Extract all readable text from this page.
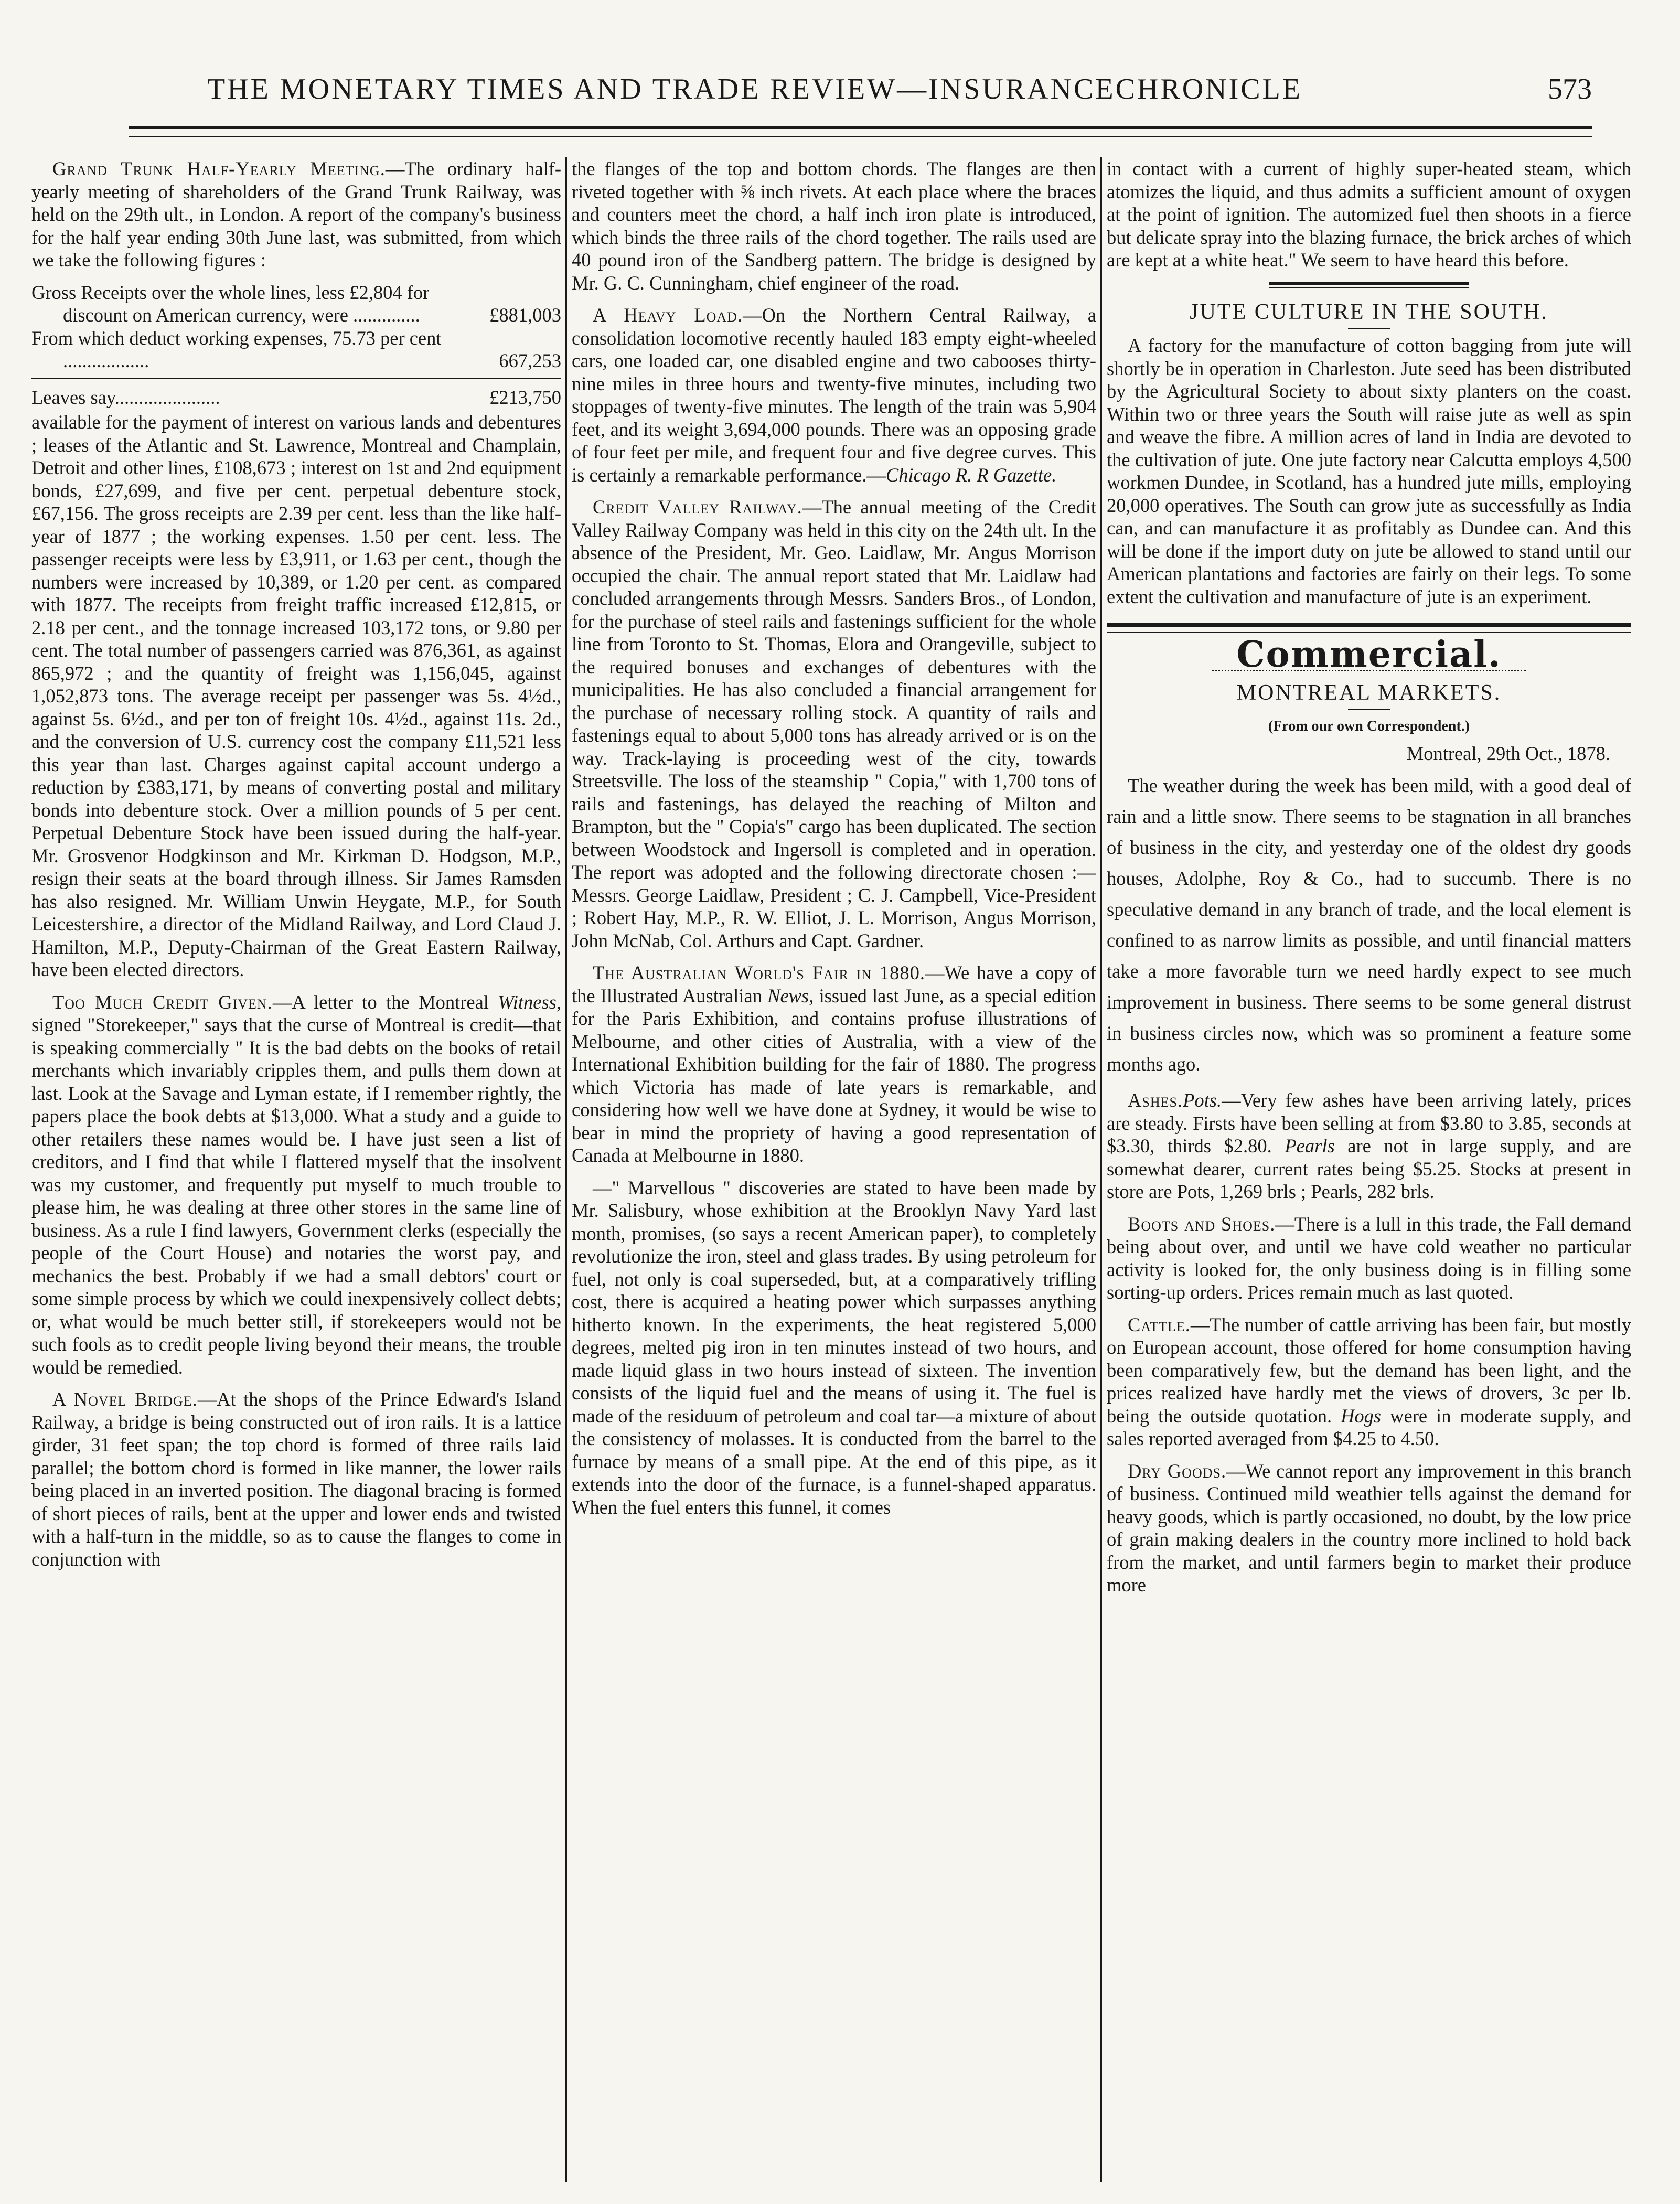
THE MONETARY TIMES AND TRADE REVIEW—INSURANCECHRONICLE	573

Grand Trunk Half-Yearly Meeting.—The ordinary half-yearly meeting of shareholders of the Grand Trunk Railway, was held on the 29th ult., in London. A report of the company's business for the half year ending 30th June last, was submitted, from which we take the following figures :

Gross Receipts over the whole lines, less £2,804 for discount on American currency, were ..............	£881,003
From which deduct working expenses, 75.73 per cent ..................	667,253
Leaves say......................	£213,750

available for the payment of interest on various lands and debentures ; leases of the Atlantic and St. Lawrence, Montreal and Champlain, Detroit and other lines, £108,673 ; interest on 1st and 2nd equipment bonds, £27,699, and five per cent. perpetual debenture stock, £67,156. The gross receipts are 2.39 per cent. less than the like half-year of 1877 ; the working expenses. 1.50 per cent. less. The passenger receipts were less by £3,911, or 1.63 per cent., though the numbers were increased by 10,389, or 1.20 per cent. as compared with 1877. The receipts from freight traffic increased £12,815, or 2.18 per cent., and the tonnage increased 103,172 tons, or 9.80 per cent. The total number of passengers carried was 876,361, as against 865,972 ; and the quantity of freight was 1,156,045, against 1,052,873 tons. The average receipt per passenger was 5s. 4½d., against 5s. 6½d., and per ton of freight 10s. 4½d., against 11s. 2d., and the conversion of U.S. currency cost the company £11,521 less this year than last. Charges against capital account undergo a reduction by £383,171, by means of converting postal and military bonds into debenture stock. Over a million pounds of 5 per cent. Perpetual Debenture Stock have been issued during the half-year. Mr. Grosvenor Hodgkinson and Mr. Kirkman D. Hodgson, M.P., resign their seats at the board through illness. Sir James Ramsden has also resigned. Mr. William Unwin Heygate, M.P., for South Leicestershire, a director of the Midland Railway, and Lord Claud J. Hamilton, M.P., Deputy-Chairman of the Great Eastern Railway, have been elected directors.

Too Much Credit Given.—A letter to the Montreal Witness, signed "Storekeeper," says that the curse of Montreal is credit—that is speaking commercially " It is the bad debts on the books of retail merchants which invariably cripples them, and pulls them down at last. Look at the Savage and Lyman estate, if I remember rightly, the papers place the book debts at $13,000. What a study and a guide to other retailers these names would be. I have just seen a list of creditors, and I find that while I flattered myself that the insolvent was my customer, and frequently put myself to much trouble to please him, he was dealing at three other stores in the same line of business. As a rule I find lawyers, Government clerks (especially the people of the Court House) and notaries the worst pay, and mechanics the best. Probably if we had a small debtors' court or some simple process by which we could inexpensively collect debts; or, what would be much better still, if storekeepers would not be such fools as to credit people living beyond their means, the trouble would be remedied.

A Novel Bridge.—At the shops of the Prince Edward's Island Railway, a bridge is being constructed out of iron rails. It is a lattice girder, 31 feet span; the top chord is formed of three rails laid parallel; the bottom chord is formed in like manner, the lower rails being placed in an inverted position. The diagonal bracing is formed of short pieces of rails, bent at the upper and lower ends and twisted with a half-turn in the middle, so as to cause the flanges to come in conjunction with

the flanges of the top and bottom chords. The flanges are then riveted together with ⅝ inch rivets. At each place where the braces and counters meet the chord, a half inch iron plate is introduced, which binds the three rails of the chord together. The rails used are 40 pound iron of the Sandberg pattern. The bridge is designed by Mr. G. C. Cunningham, chief engineer of the road.

A Heavy Load.—On the Northern Central Railway, a consolidation locomotive recently hauled 183 empty eight-wheeled cars, one loaded car, one disabled engine and two cabooses thirty-nine miles in three hours and twenty-five minutes, including two stoppages of twenty-five minutes. The length of the train was 5,904 feet, and its weight 3,694,000 pounds. There was an opposing grade of four feet per mile, and frequent four and five degree curves. This is certainly a remarkable performance.—Chicago R. R Gazette.

Credit Valley Railway.—The annual meeting of the Credit Valley Railway Company was held in this city on the 24th ult. In the absence of the President, Mr. Geo. Laidlaw, Mr. Angus Morrison occupied the chair. The annual report stated that Mr. Laidlaw had concluded arrangements through Messrs. Sanders Bros., of London, for the purchase of steel rails and fastenings sufficient for the whole line from Toronto to St. Thomas, Elora and Orangeville, subject to the required bonuses and exchanges of debentures with the municipalities. He has also concluded a financial arrangement for the purchase of necessary rolling stock. A quantity of rails and fastenings equal to about 5,000 tons has already arrived or is on the way. Track-laying is proceeding west of the city, towards Streetsville. The loss of the steamship " Copia," with 1,700 tons of rails and fastenings, has delayed the reaching of Milton and Brampton, but the " Copia's" cargo has been duplicated. The section between Woodstock and Ingersoll is completed and in operation. The report was adopted and the following directorate chosen :—Messrs. George Laidlaw, President ; C. J. Campbell, Vice-President ; Robert Hay, M.P., R. W. Elliot, J. L. Morrison, Angus Morrison, John McNab, Col. Arthurs and Capt. Gardner.

The Australian World's Fair in 1880.—We have a copy of the Illustrated Australian News, issued last June, as a special edition for the Paris Exhibition, and contains profuse illustrations of Melbourne, and other cities of Australia, with a view of the International Exhibition building for the fair of 1880. The progress which Victoria has made of late years is remarkable, and considering how well we have done at Sydney, it would be wise to bear in mind the propriety of having a good representation of Canada at Melbourne in 1880.

—" Marvellous " discoveries are stated to have been made by Mr. Salisbury, whose exhibition at the Brooklyn Navy Yard last month, promises, (so says a recent American paper), to completely revolutionize the iron, steel and glass trades. By using petroleum for fuel, not only is coal superseded, but, at a comparatively trifling cost, there is acquired a heating power which surpasses anything hitherto known. In the experiments, the heat registered 5,000 degrees, melted pig iron in ten minutes instead of two hours, and made liquid glass in two hours instead of sixteen. The invention consists of the liquid fuel and the means of using it. The fuel is made of the residuum of petroleum and coal tar—a mixture of about the consistency of molasses. It is conducted from the barrel to the furnace by means of a small pipe. At the end of this pipe, as it extends into the door of the furnace, is a funnel-shaped apparatus. When the fuel enters this funnel, it comes

in contact with a current of highly super-heated steam, which atomizes the liquid, and thus admits a sufficient amount of oxygen at the point of ignition. The automized fuel then shoots in a fierce but delicate spray into the blazing furnace, the brick arches of which are kept at a white heat." We seem to have heard this before.

JUTE CULTURE IN THE SOUTH.

A factory for the manufacture of cotton bagging from jute will shortly be in operation in Charleston. Jute seed has been distributed by the Agricultural Society to about sixty planters on the coast. Within two or three years the South will raise jute as well as spin and weave the fibre. A million acres of land in India are devoted to the cultivation of jute. One jute factory near Calcutta employs 4,500 workmen Dundee, in Scotland, has a hundred jute mills, employing 20,000 operatives. The South can grow jute as successfully as India can, and can manufacture it as profitably as Dundee can. And this will be done if the import duty on jute be allowed to stand until our American plantations and factories are fairly on their legs. To some extent the cultivation and manufacture of jute is an experiment.

Commercial.
MONTREAL MARKETS.
(From our own Correspondent.)
Montreal, 29th Oct., 1878.

The weather during the week has been mild, with a good deal of rain and a little snow. There seems to be stagnation in all branches of business in the city, and yesterday one of the oldest dry goods houses, Adolphe, Roy & Co., had to succumb. There is no speculative demand in any branch of trade, and the local element is confined to as narrow limits as possible, and until financial matters take a more favorable turn we need hardly expect to see much improvement in business. There seems to be some general distrust in business circles now, which was so prominent a feature some months ago.

Ashes.Pots.—Very few ashes have been arriving lately, prices are steady. Firsts have been selling at from $3.80 to 3.85, seconds at $3.30, thirds $2.80. Pearls are not in large supply, and are somewhat dearer, current rates being $5.25. Stocks at present in store are Pots, 1,269 brls ; Pearls, 282 brls.

Boots and Shoes.—There is a lull in this trade, the Fall demand being about over, and until we have cold weather no particular activity is looked for, the only business doing is in filling some sorting-up orders. Prices remain much as last quoted.

Cattle.—The number of cattle arriving has been fair, but mostly on European account, those offered for home consumption having been comparatively few, but the demand has been light, and the prices realized have hardly met the views of drovers, 3c per lb. being the outside quotation. Hogs were in moderate supply, and sales reported averaged from $4.25 to 4.50.

Dry Goods.—We cannot report any improvement in this branch of business. Continued mild weathier tells against the demand for heavy goods, which is partly occasioned, no doubt, by the low price of grain making dealers in the country more inclined to hold back from the market, and until farmers begin to market their produce more
